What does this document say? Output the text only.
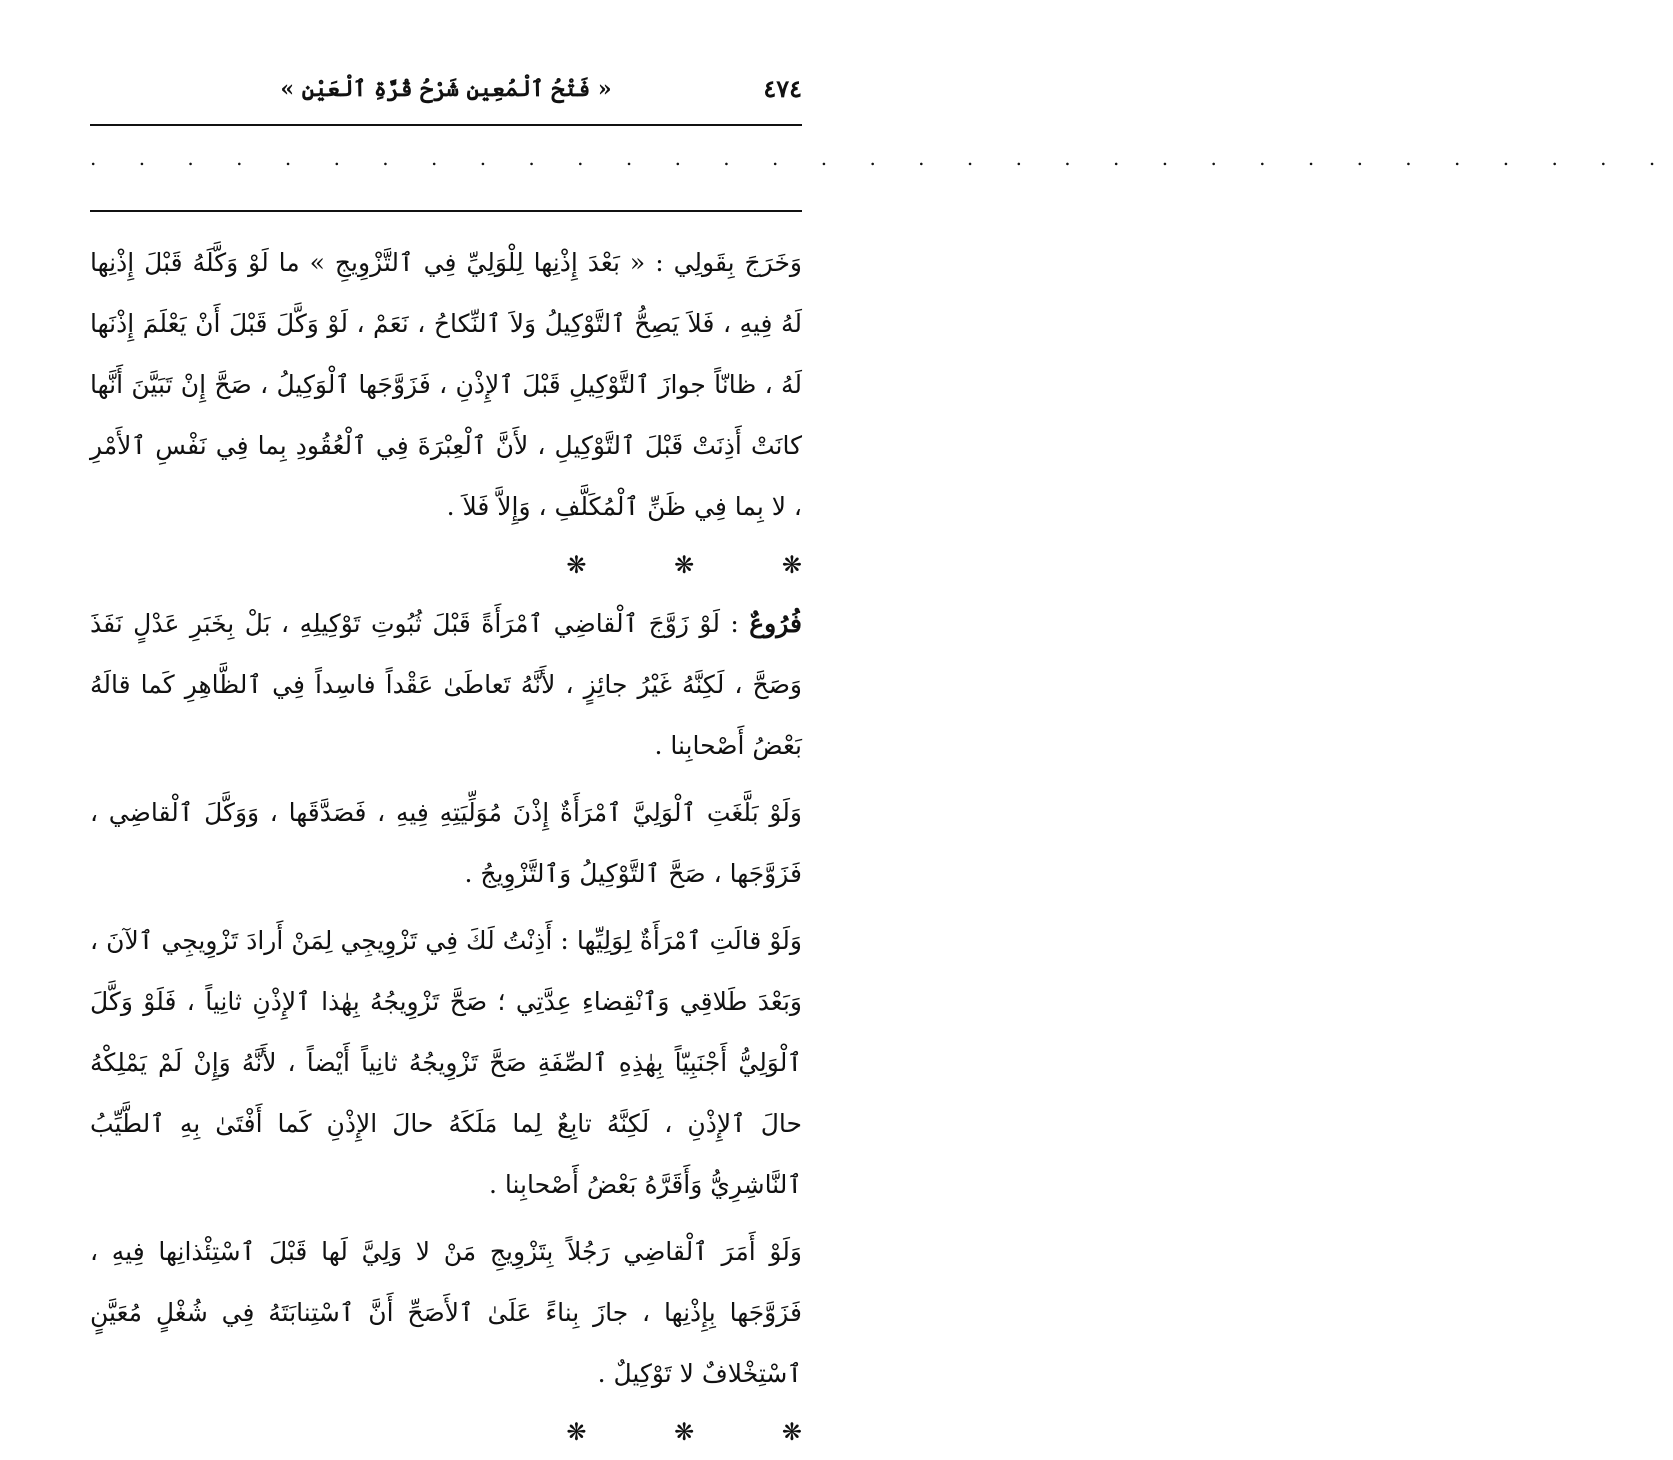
٤٧٤
« فَتْحُ ٱلْمُعِينِ شَرْحُ قُرَّةِ ٱلْعَيْنِ »
. . . . . . . . . . . . . . . . . . . . . . . . . . . . . . . . .

وَخَرَجَ بِقَولِي : « بَعْدَ إِذْنِها لِلْوَلِيِّ فِي ٱلتَّزْوِيجِ » ما لَوْ وَكَّلَهُ قَبْلَ إِذْنِها لَهُ فِيهِ ، فَلاَ يَصِحُّ ٱلتَّوْكِيلُ وَلاَ ٱلنِّكاحُ ، نَعَمْ ، لَوْ وَكَّلَ قَبْلَ أَنْ يَعْلَمَ إِذْنَها لَهُ ، ظانّاً جوازَ ٱلتَّوْكِيلِ قَبْلَ ٱلإِذْنِ ، فَزَوَّجَها ٱلْوَكِيلُ ، صَحَّ إِنْ تَبَيَّنَ أَنَّها كانَتْ أَذِنَتْ قَبْلَ ٱلتَّوْكِيلِ ، لأَنَّ ٱلْعِبْرَةَ فِي ٱلْعُقُودِ بِما فِي نَفْسِ ٱلأَمْرِ ، لا بِما فِي ظَنِّ ٱلْمُكَلَّفِ ، وَإِلاَّ فَلاَ .

❋ ❋ ❋

فُرُوعٌ : لَوْ زَوَّجَ ٱلْقاضِي ٱمْرَأَةً قَبْلَ ثُبُوتِ تَوْكِيلِهِ ، بَلْ بِخَبَرِ عَدْلٍ نَفَذَ وَصَحَّ ، لَكِنَّهُ غَيْرُ جائِزٍ ، لأَنَّهُ تَعاطَىٰ عَقْداً فاسِداً فِي ٱلظَّاهِرِ كَما قالَهُ بَعْضُ أَصْحابِنا .

وَلَوْ بَلَّغَتِ ٱلْوَلِيَّ ٱمْرَأَةٌ إِذْنَ مُوَلِّيَتِهِ فِيهِ ، فَصَدَّقَها ، وَوَكَّلَ ٱلْقاضِي ، فَزَوَّجَها ، صَحَّ ٱلتَّوْكِيلُ وَٱلتَّزْوِيجُ .

وَلَوْ قالَتِ ٱمْرَأَةٌ لِوَلِيِّها : أَذِنْتُ لَكَ فِي تَزْوِيجِي لِمَنْ أَرادَ تَزْوِيجِي ٱلآنَ ، وَبَعْدَ طَلاقِي وَٱنْقِضاءِ عِدَّتِي ؛ صَحَّ تَزْوِيجُهُ بِهٰذا ٱلإِذْنِ ثانِياً ، فَلَوْ وَكَّلَ ٱلْوَلِيُّ أَجْنَبِيّاً بِهٰذِهِ ٱلصِّفَةِ صَحَّ تَزْوِيجُهُ ثانِياً أَيْضاً ، لأَنَّهُ وَإِنْ لَمْ يَمْلِكْهُ حالَ ٱلإِذْنِ ، لَكِنَّهُ تابِعٌ لِما مَلَكَهُ حالَ الإِذْنِ كَما أَفْتَىٰ بِهِ ٱلطَّيِّبُ ٱلنَّاشِرِيُّ وَأَقَرَّهُ بَعْضُ أَصْحابِنا .

وَلَوْ أَمَرَ ٱلْقاضِي رَجُلاً بِتَزْوِيجِ مَنْ لا وَلِيَّ لَها قَبْلَ ٱسْتِئْذانِها فِيهِ ، فَزَوَّجَها بِإِذْنِها ، جازَ بِناءً عَلَىٰ ٱلأَصَحِّ أَنَّ ٱسْتِنابَتَهُ فِي شُغْلٍ مُعَيَّنٍ ٱسْتِخْلافٌ لا تَوْكِيلٌ .

❋ ❋ ❋
